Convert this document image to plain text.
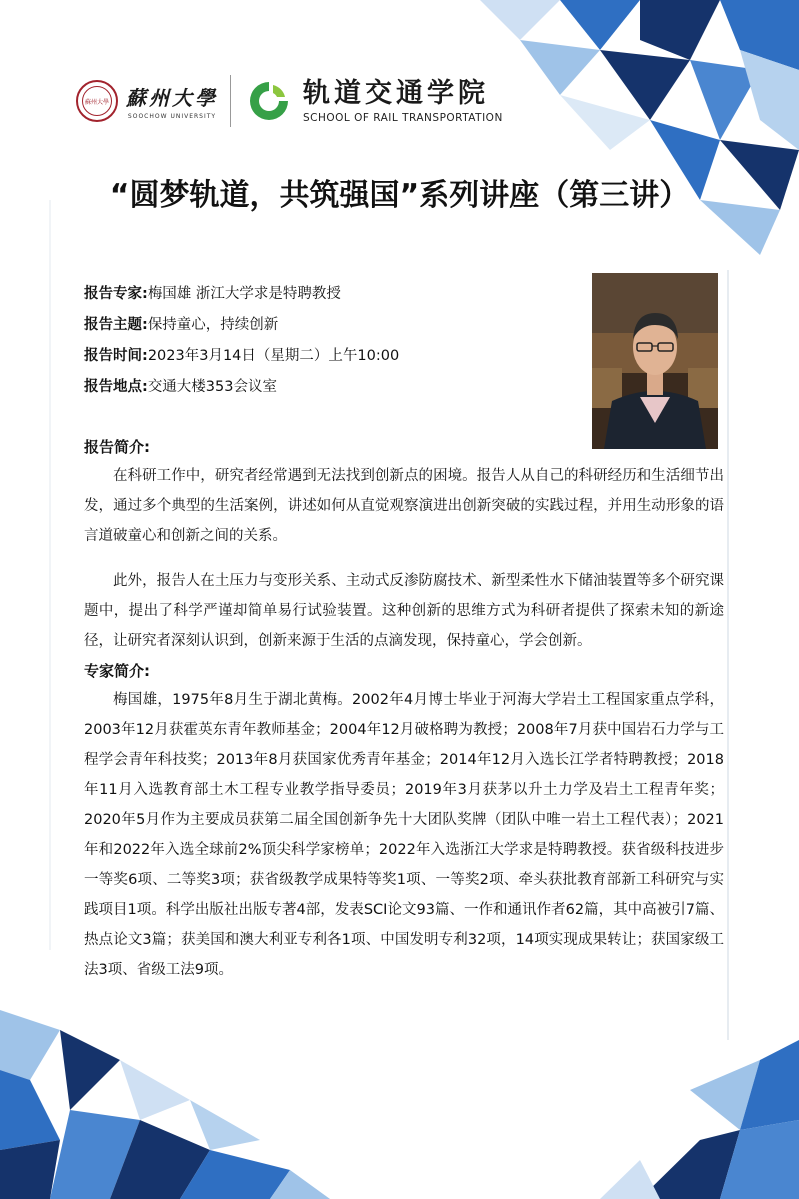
蘇州大學 蘇州大學
SOOCHOW UNIVERSITY
轨道交通学院
SCHOOL OF RAIL TRANSPORTATION
“圆梦轨道，共筑强国”系列讲座（第三讲）
报告专家:梅国雄 浙江大学求是特聘教授
报告主题:保持童心，持续创新
报告时间:2023年3月14日（星期二）上午10:00
报告地点:交通大楼353会议室
报告简介:

在科研工作中，研究者经常遇到无法找到创新点的困境。报告人从自己的科研经历和生活细节出发，通过多个典型的生活案例，讲述如何从直觉观察演进出创新突破的实践过程，并用生动形象的语言道破童心和创新之间的关系。

此外，报告人在土压力与变形关系、主动式反渗防腐技术、新型柔性水下储油装置等多个研究课题中，提出了科学严谨却简单易行试验装置。这种创新的思维方式为科研者提供了探索未知的新途径，让研究者深刻认识到，创新来源于生活的点滴发现，保持童心，学会创新。

专家简介:

梅国雄，1975年8月生于湖北黄梅。2002年4月博士毕业于河海大学岩土工程国家重点学科，2003年12月获霍英东青年教师基金；2004年12月破格聘为教授；2008年7月获中国岩石力学与工程学会青年科技奖；2013年8月获国家优秀青年基金；2014年12月入选长江学者特聘教授；2018年11月入选教育部土木工程专业教学指导委员；2019年3月获茅以升土力学及岩土工程青年奖；2020年5月作为主要成员获第二届全国创新争先十大团队奖牌（团队中唯一岩土工程代表）；2021年和2022年入选全球前2%顶尖科学家榜单；2022年入选浙江大学求是特聘教授。获省级科技进步一等奖6项、二等奖3项；获省级教学成果特等奖1项、一等奖2项、牵头获批教育部新工科研究与实践项目1项。科学出版社出版专著4部，发表SCI论文93篇、一作和通讯作者62篇，其中高被引7篇、热点论文3篇；获美国和澳大利亚专利各1项、中国发明专利32项，14项实现成果转让；获国家级工法3项、省级工法9项。
